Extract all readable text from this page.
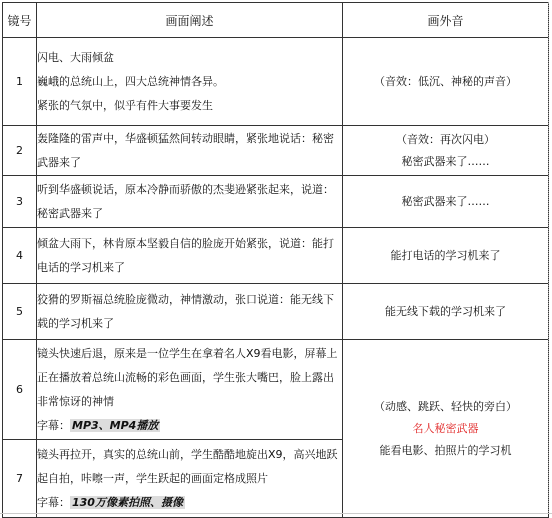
镜号	画面阐述	画外音
1	闪电、大雨倾盆
巍峨的总统山上，四大总统神情各异。
紧张的气氛中，似乎有件大事要发生	（音效：低沉、神秘的声音）

2	轰隆隆的雷声中，华盛顿猛然间转动眼睛，紧张地说话：秘密武器来了	（音效：再次闪电）
秘密武器来了……

3	听到华盛顿说话，原本冷静而骄傲的杰斐逊紧张起来，说道：秘密武器来了	秘密武器来了……

4	倾盆大雨下，林肯原本坚毅自信的脸庞开始紧张，说道：能打电话的学习机来了	能打电话的学习机来了

5	狡猾的罗斯福总统脸庞微动，神情激动，张口说道：能无线下载的学习机来了	能无线下载的学习机来了

6	镜头快速后退，原来是一位学生在拿着名人X9看电影，屏幕上正在播放着总统山流畅的彩色画面，学生张大嘴巴，脸上露出非常惊讶的神情
字幕： MP3、MP4播放	（动感、跳跃、轻快的旁白）
名人秘密武器
能看电影、拍照片的学习机

7	镜头再拉开，真实的总统山前，学生酷酷地旋出X9，高兴地跃起自拍，咔嚓一声，学生跃起的画面定格成照片
字幕： 130万像素拍照、摄像	
